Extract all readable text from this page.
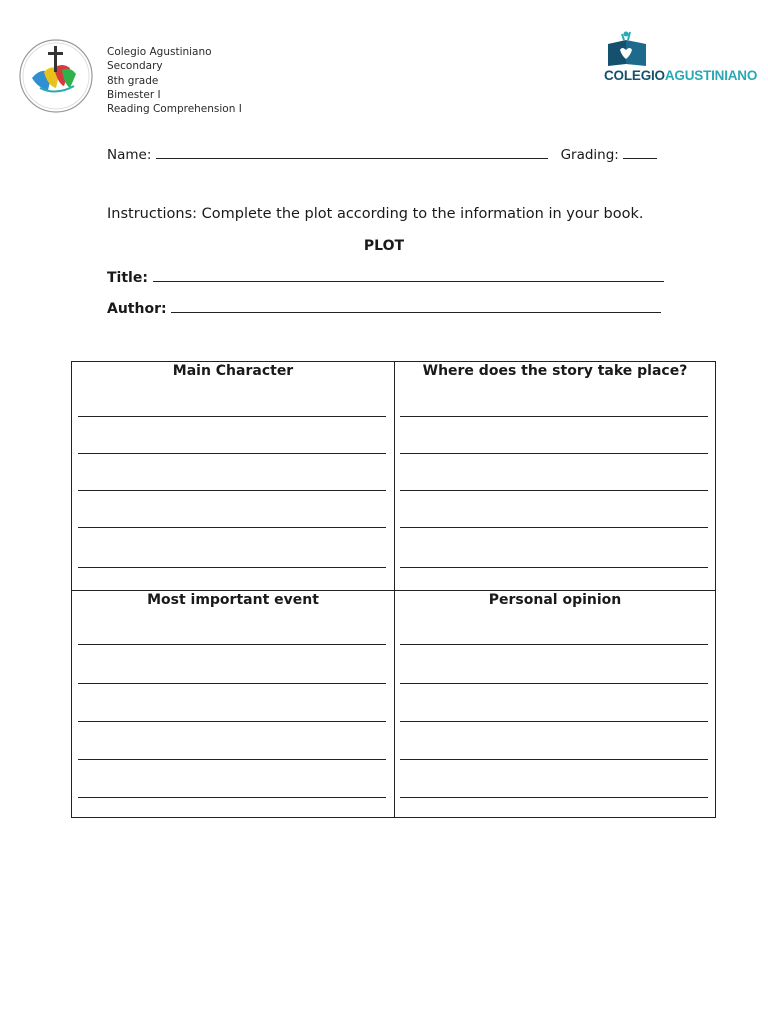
Colegio Agustiniano
Secondary
8th grade
Bimester I
Reading Comprehension I
COLEGIOAGUSTINIANO
Name:	Grading:
Instructions: Complete the plot according to the information in your book.
PLOT
Title:
Author:
Main Character	Where does the story take place?
Most important event	Personal opinion
